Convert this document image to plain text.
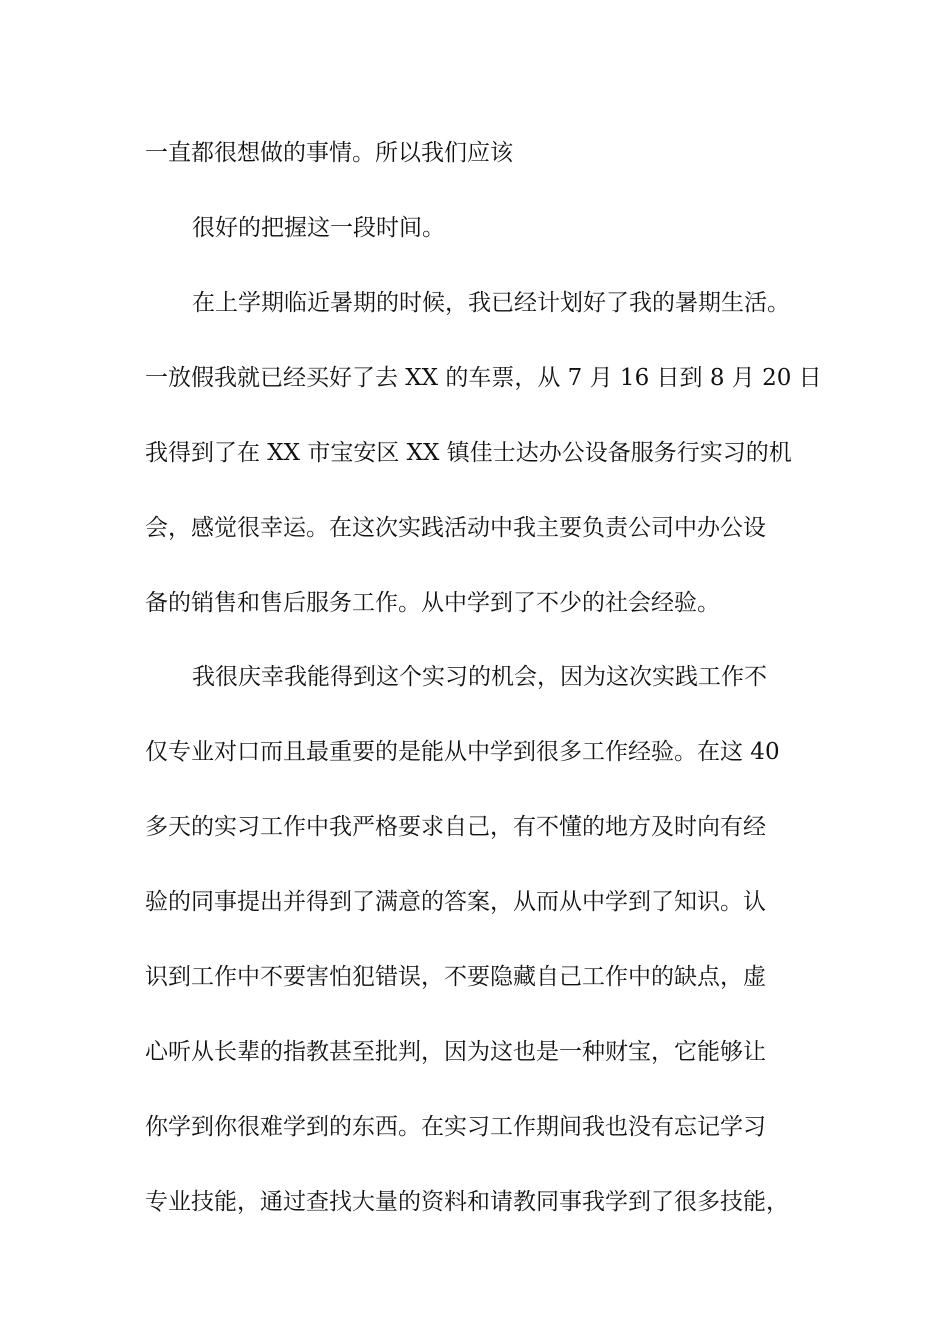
一直都很想做的事情。所以我们应该

很好的把握这一段时间。

在上学期临近暑期的时候，我已经计划好了我的暑期生活。

一放假我就已经买好了去 XX 的车票，从 7 月 16 日到 8 月 20 日

我得到了在 XX 市宝安区 XX 镇佳士达办公设备服务行实习的机

会，感觉很幸运。在这次实践活动中我主要负责公司中办公设

备的销售和售后服务工作。从中学到了不少的社会经验。

我很庆幸我能得到这个实习的机会，因为这次实践工作不

仅专业对口而且最重要的是能从中学到很多工作经验。在这 40

多天的实习工作中我严格要求自己，有不懂的地方及时向有经

验的同事提出并得到了满意的答案，从而从中学到了知识。认

识到工作中不要害怕犯错误，不要隐藏自己工作中的缺点，虚

心听从长辈的指教甚至批判，因为这也是一种财宝，它能够让

你学到你很难学到的东西。在实习工作期间我也没有忘记学习

专业技能，通过查找大量的资料和请教同事我学到了很多技能，
